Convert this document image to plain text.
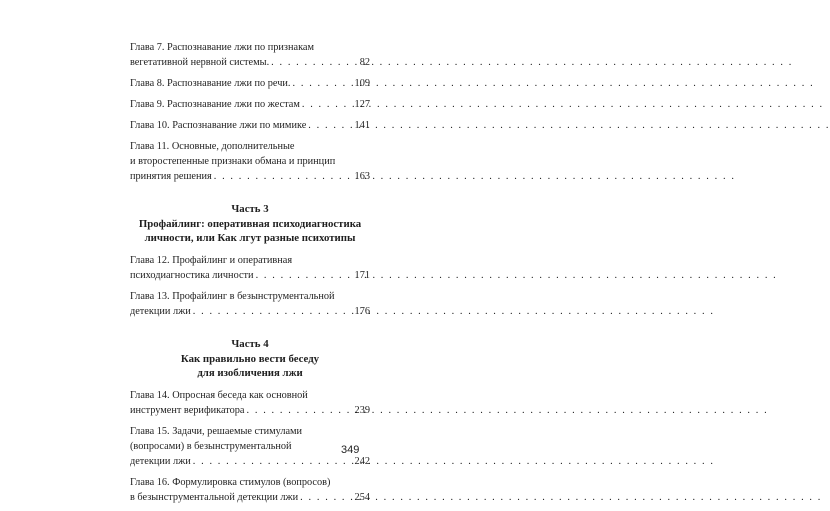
Глава 7. Распознавание лжи по признакам
вегетативной нервной системы. . . .	82
Глава 8. Распознавание лжи по речи. . . .	109
Глава 9. Распознавание лжи по жестам . . .	127
Глава 10. Распознавание лжи по мимике . . .	141
Глава 11. Основные, дополнительные
и второстепенные признаки обмана и принцип
принятия решения . . .	163
Часть 3
Профайлинг: оперативная психодиагностика
личности, или Как лгут разные психотипы
Глава 12. Профайлинг и оперативная
психодиагностика личности . . .	171
Глава 13. Профайлинг в безынструментальной
детекции лжи . . .	176
Часть 4
Как правильно вести беседу
для изобличения лжи
Глава 14. Опросная беседа как основной
инструмент верификатора . . .	239
Глава 15. Задачи, решаемые стимулами
(вопросами) в безынструментальной
детекции лжи . . .	242
Глава 16. Формулировка стимулов (вопросов)
в безынструментальной детекции лжи . . .	254
349
